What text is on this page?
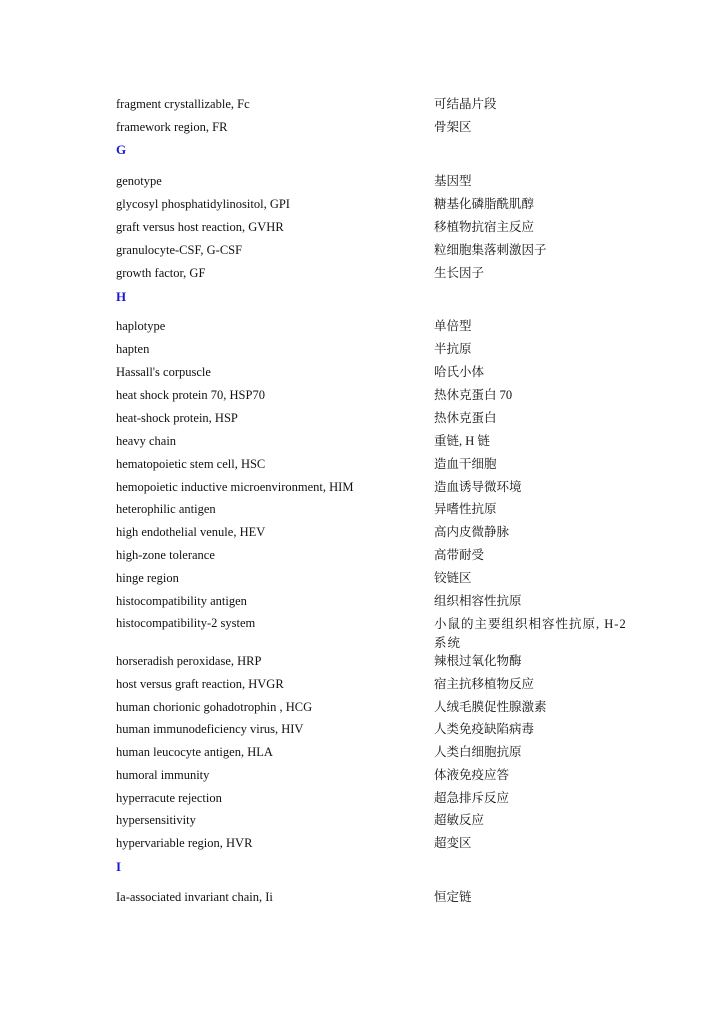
fragment crystallizable, Fc	可结晶片段
framework region, FR	骨架区
G
genotype	基因型
glycosyl phosphatidylinositol, GPI	糖基化磷脂酰肌醇
graft versus host reaction, GVHR	移植物抗宿主反应
granulocyte-CSF, G-CSF	粒细胞集落刺激因子
growth factor, GF	生长因子
H
haplotype	单倍型
hapten	半抗原
Hassall's corpuscle	哈氏小体
heat shock protein 70, HSP70	热休克蛋白 70
heat-shock protein, HSP	热休克蛋白
heavy chain	重链, H 链
hematopoietic stem cell, HSC	造血干细胞
hemopoietic inductive microenvironment, HIM	造血诱导微环境
heterophilic antigen	异嗜性抗原
high endothelial venule, HEV	高内皮微静脉
high-zone tolerance	高带耐受
hinge region	铰链区
histocompatibility antigen	组织相容性抗原
histocompatibility-2 system	小鼠的主要组织相容性抗原, H-2 系统
horseradish peroxidase, HRP	辣根过氧化物酶
host versus graft reaction, HVGR	宿主抗移植物反应
human chorionic gohadotrophin , HCG	人绒毛膜促性腺激素
human immunodeficiency virus, HIV	人类免疫缺陷病毒
human leucocyte antigen, HLA	人类白细胞抗原
humoral immunity	体液免疫应答
hyperracute rejection	超急排斥反应
hypersensitivity	超敏反应
hypervariable region, HVR	超变区
I
Ia-associated invariant chain, Ii	恒定链
